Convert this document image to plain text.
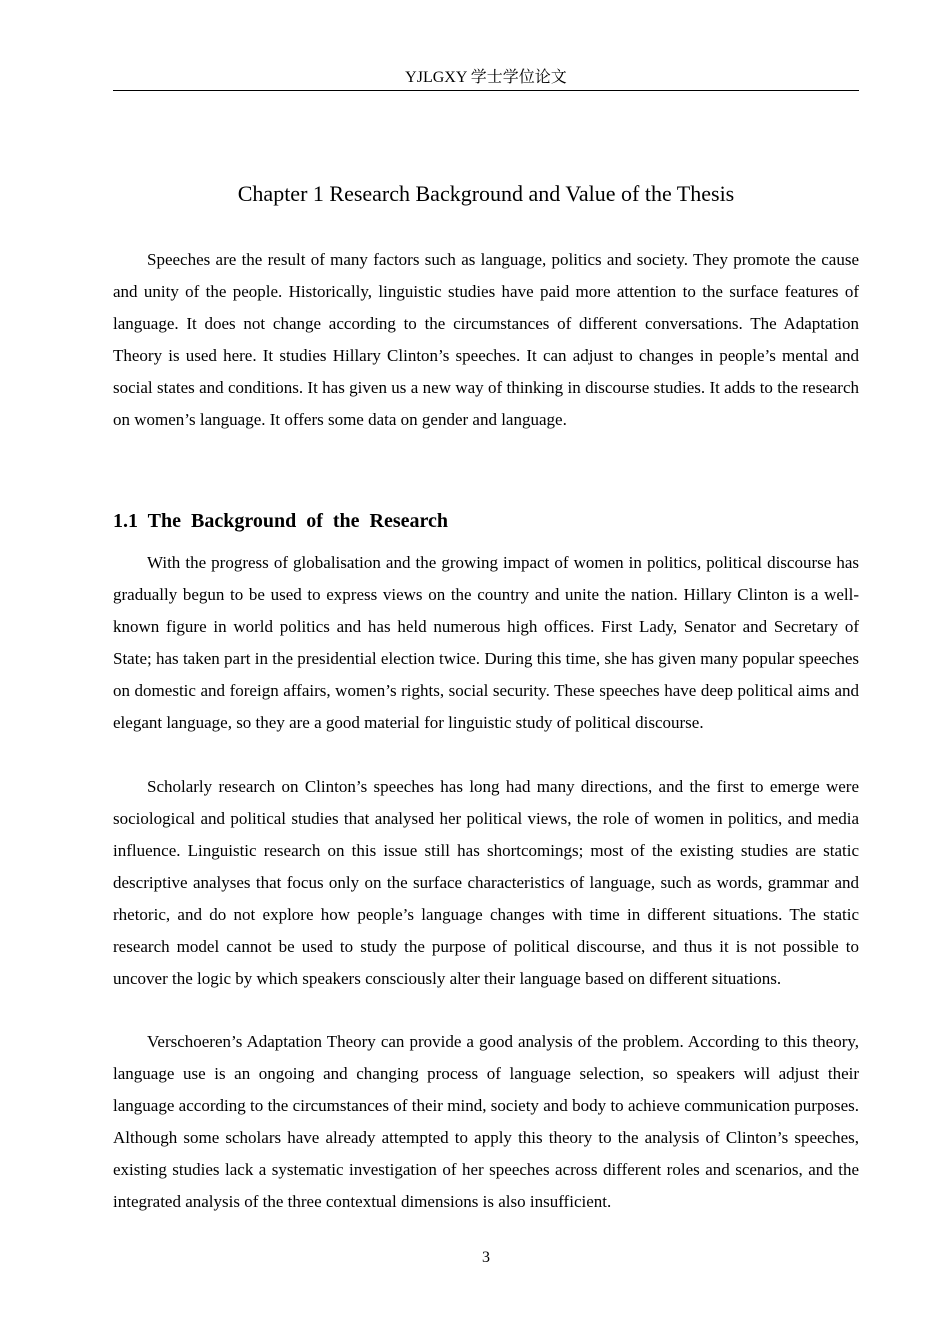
YJLGXY 学士学位论文
Chapter 1 Research Background and Value of the Thesis

Speeches are the result of many factors such as language, politics and society. They promote the cause and unity of the people. Historically, linguistic studies have paid more attention to the surface features of language. It does not change according to the circumstances of different conversations. The Adaptation Theory is used here. It studies Hillary Clinton’s speeches. It can adjust to changes in people’s mental and social states and conditions. It has given us a new way of thinking in discourse studies. It adds to the research on women’s language. It offers some data on gender and language.

1.1 The Background of the Research

With the progress of globalisation and the growing impact of women in politics, political discourse has gradually begun to be used to express views on the country and unite the nation. Hillary Clinton is a well-known figure in world politics and has held numerous high offices. First Lady, Senator and Secretary of State; has taken part in the presidential election twice. During this time, she has given many popular speeches on domestic and foreign affairs, women’s rights, social security. These speeches have deep political aims and elegant language, so they are a good material for linguistic study of political discourse.

Scholarly research on Clinton’s speeches has long had many directions, and the first to emerge were sociological and political studies that analysed her political views, the role of women in politics, and media influence. Linguistic research on this issue still has shortcomings; most of the existing studies are static descriptive analyses that focus only on the surface characteristics of language, such as words, grammar and rhetoric, and do not explore how people’s language changes with time in different situations. The static research model cannot be used to study the purpose of political discourse, and thus it is not possible to uncover the logic by which speakers consciously alter their language based on different situations.

Verschoeren’s Adaptation Theory can provide a good analysis of the problem. According to this theory, language use is an ongoing and changing process of language selection, so speakers will adjust their language according to the circumstances of their mind, society and body to achieve communication purposes. Although some scholars have already attempted to apply this theory to the analysis of Clinton’s speeches, existing studies lack a systematic investigation of her speeches across different roles and scenarios, and the integrated analysis of the three contextual dimensions is also insufficient.

3
